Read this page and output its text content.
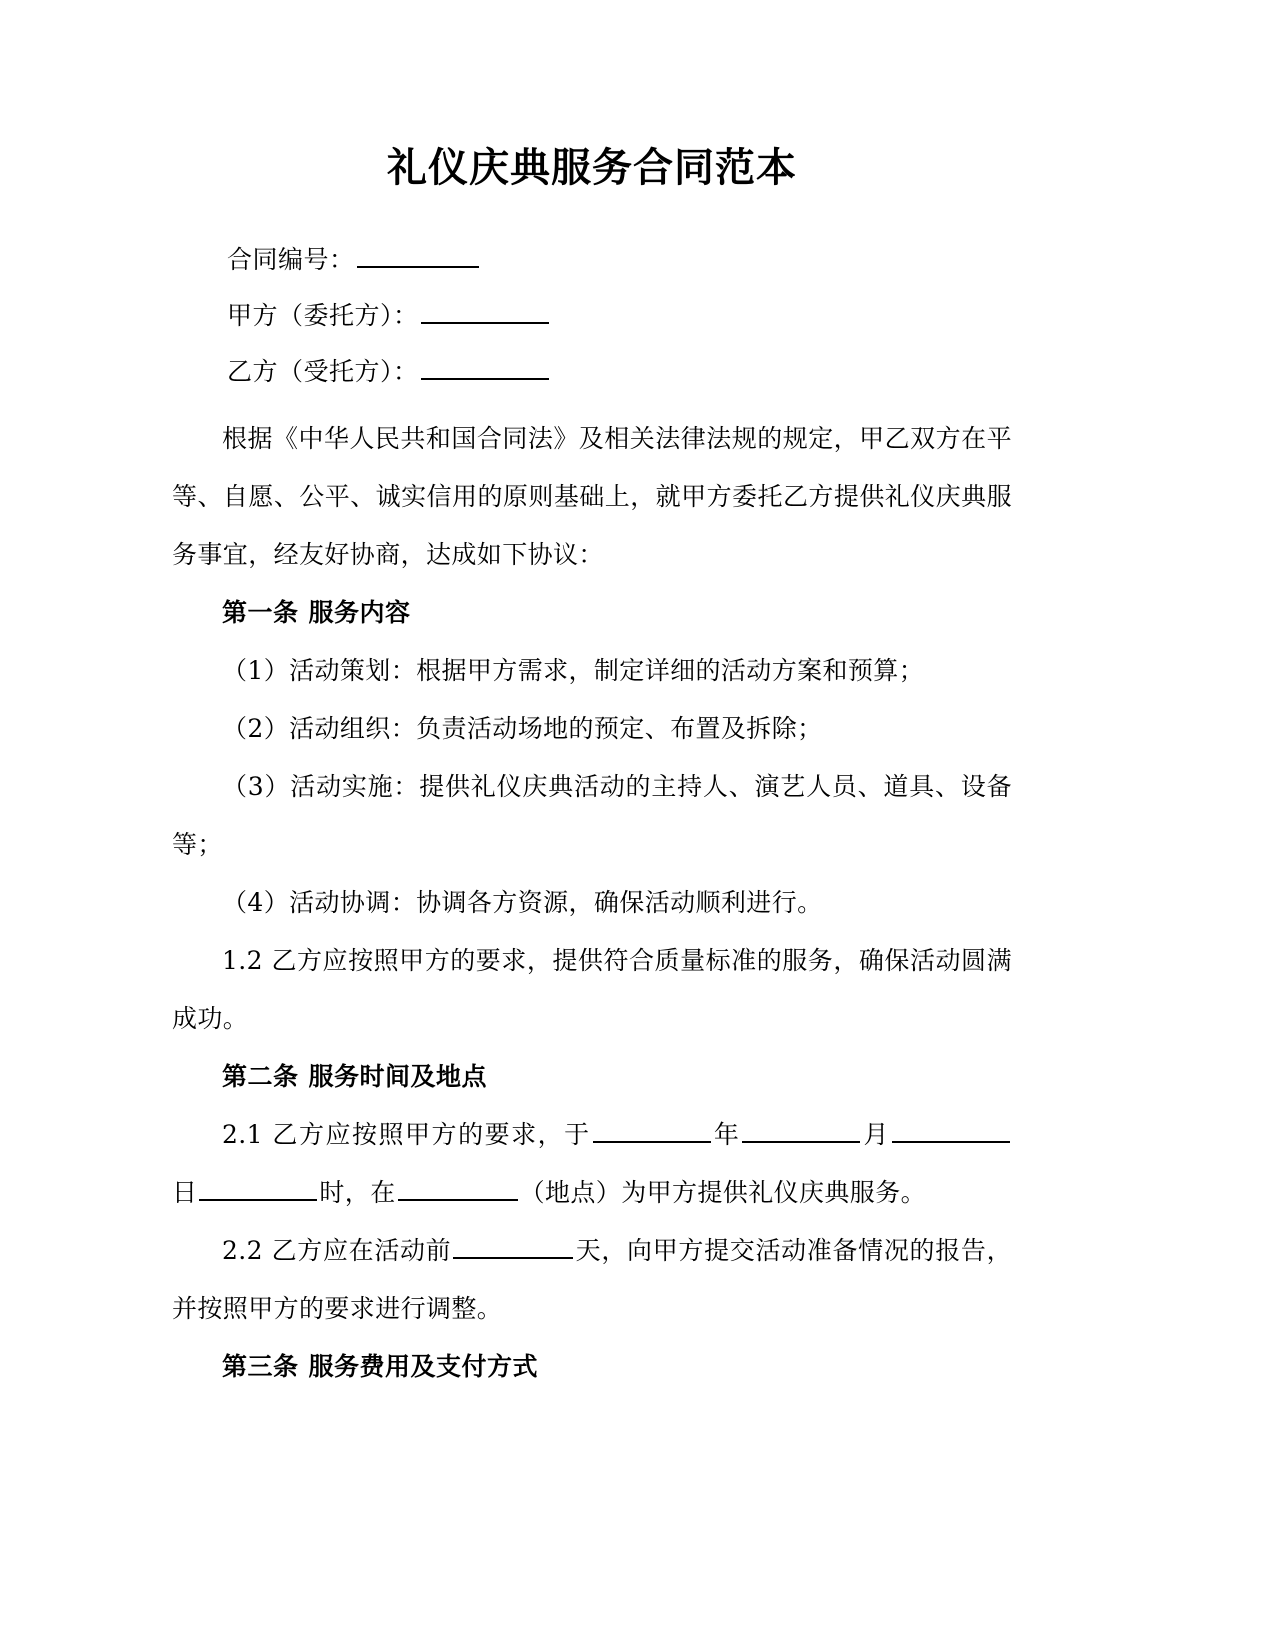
礼仪庆典服务合同范本
合同编号：
甲方（委托方）：
乙方（受托方）：

根据《中华人民共和国合同法》及相关法律法规的规定，甲乙双方在平等、自愿、公平、诚实信用的原则基础上，就甲方委托乙方提供礼仪庆典服务事宜，经友好协商，达成如下协议：

第一条 服务内容

（1）活动策划：根据甲方需求，制定详细的活动方案和预算；

（2）活动组织：负责活动场地的预定、布置及拆除；

（3）活动实施：提供礼仪庆典活动的主持人、演艺人员、道具、设备等；

（4）活动协调：协调各方资源，确保活动顺利进行。

1.2 乙方应按照甲方的要求，提供符合质量标准的服务，确保活动圆满成功。

第二条 服务时间及地点

2.1 乙方应按照甲方的要求，于	年	月日	时，在	（地点）为甲方提供礼仪庆典服务。

2.2 乙方应在活动前	天，向甲方提交活动准备情况的报告，并按照甲方的要求进行调整。

第三条 服务费用及支付方式
